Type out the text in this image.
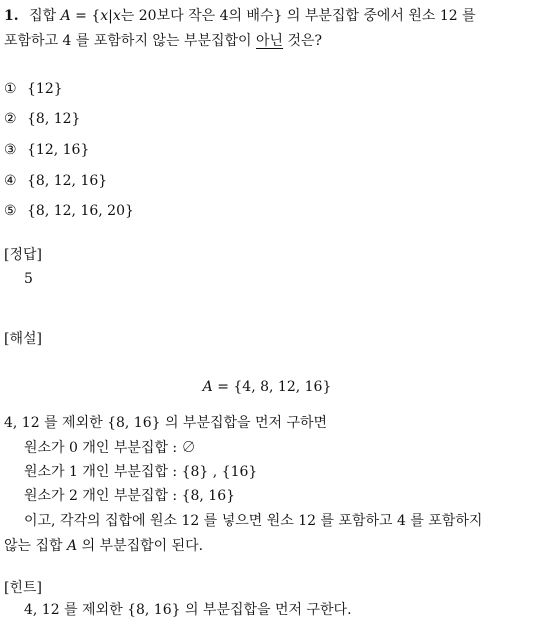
1. 집합 A = {x|x는 20보다 작은 4의 배수} 의 부분집합 중에서 원소 12 를
포함하고 4 를 포함하지 않는 부분집합이 아닌 것은?
① {12}
② {8, 12}
③ {12, 16}
④ {8, 12, 16}
⑤ {8, 12, 16, 20}
[정답]
5
[해설]
A = {4, 8, 12, 16}
4, 12 를 제외한 {8, 16} 의 부분집합을 먼저 구하면
원소가 0 개인 부분집합 : ∅
원소가 1 개인 부분집합 : {8} , {16}
원소가 2 개인 부분집합 : {8, 16}
이고, 각각의 집합에 원소 12 를 넣으면 원소 12 를 포함하고 4 를 포함하지
않는 집합 A 의 부분집합이 된다.
[힌트]
4, 12 를 제외한 {8, 16} 의 부분집합을 먼저 구한다.
